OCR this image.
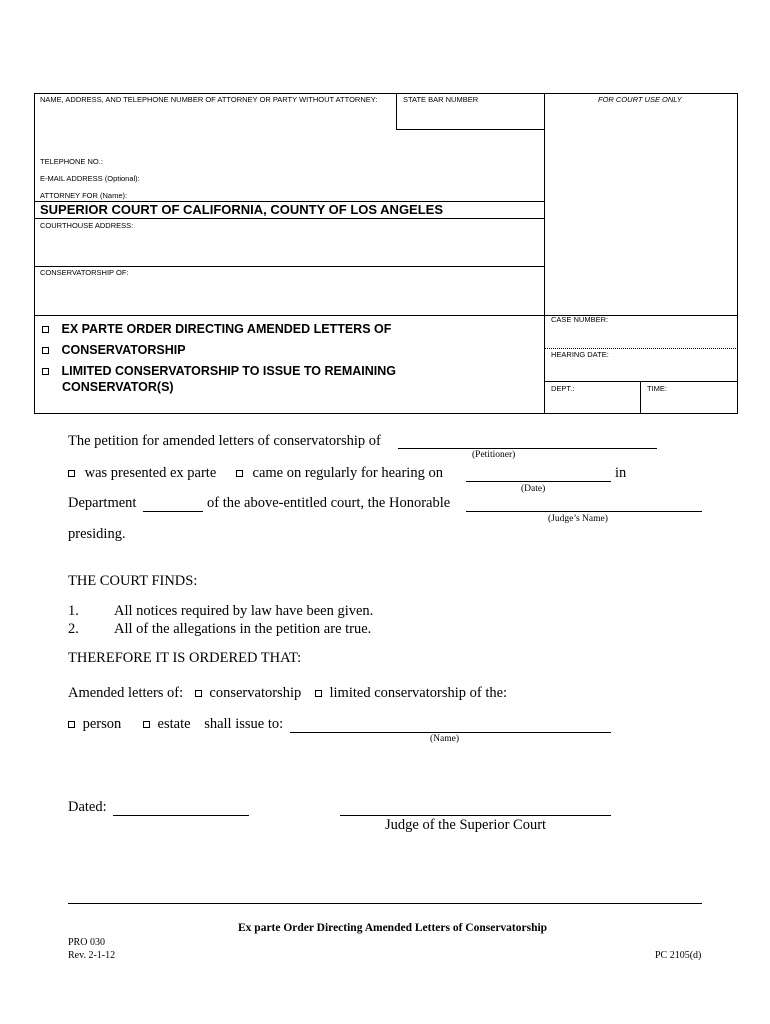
NAME, ADDRESS, AND TELEPHONE NUMBER OF ATTORNEY OR PARTY WITHOUT ATTORNEY:	STATE BAR NUMBER	FOR COURT USE ONLY
TELEPHONE NO.:
E-MAIL ADDRESS (Optional):
ATTORNEY FOR (Name):
SUPERIOR COURT OF CALIFORNIA, COUNTY OF LOS ANGELES
COURTHOUSE ADDRESS:
CONSERVATORSHIP OF:
EX PARTE ORDER DIRECTING AMENDED LETTERS OF
CONSERVATORSHIP
LIMITED CONSERVATORSHIP TO ISSUE TO REMAINING
CONSERVATOR(S)
CASE NUMBER:
HEARING DATE:
DEPT.:	TIME:
The petition for amended letters of conservatorship of
(Petitioner)
was presented ex parte	came on regularly for hearing on	in
(Date)
Department	of the above-entitled court, the Honorable
(Judge’s Name)
presiding.
THE COURT FINDS:
1. All notices required by law have been given.
2. All of the allegations in the petition are true.
THEREFORE IT IS ORDERED THAT:
Amended letters of: conservatorship limited conservatorship of the:
person	estate shall issue to:
(Name)
Dated:
Judge of the Superior Court
Ex parte Order Directing Amended Letters of Conservatorship
PRO 030
Rev. 2-1-12	PC 2105(d)
